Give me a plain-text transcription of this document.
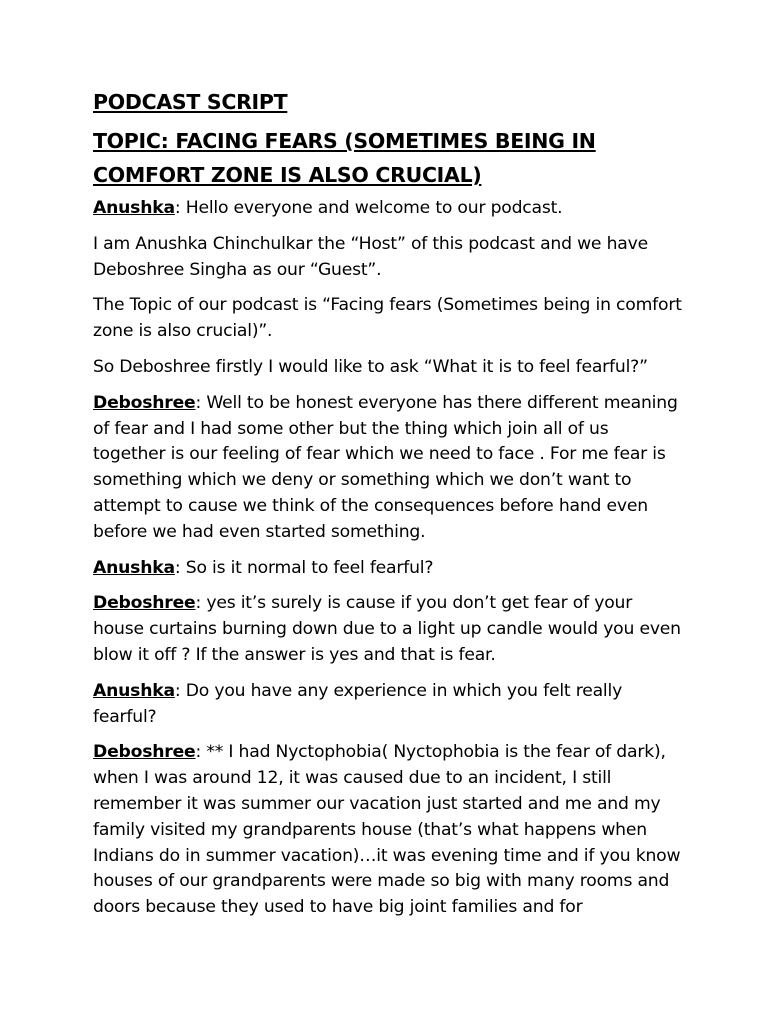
PODCAST SCRIPT
TOPIC: FACING FEARS (SOMETIMES BEING IN
COMFORT ZONE IS ALSO CRUCIAL)

Anushka: Hello everyone and welcome to our podcast.

I am Anushka Chinchulkar the “Host” of this podcast and we have Deboshree Singha as our “Guest”.

The Topic of our podcast is “Facing fears (Sometimes being in comfort zone is also crucial)”.

So Deboshree firstly I would like to ask “What it is to feel fearful?”

Deboshree: Well to be honest everyone has there different meaning of fear and I had some other but the thing which join all of us together is our feeling of fear which we need to face . For me fear is something which we deny or something which we don’t want to attempt to cause we think of the consequences before hand even before we had even started something.

Anushka: So is it normal to feel fearful?

Deboshree: yes it’s surely is cause if you don’t get fear of your house curtains burning down due to a light up candle would you even blow it off ? If the answer is yes and that is fear.

Anushka: Do you have any experience in which you felt really fearful?

Deboshree: ** I had Nyctophobia( Nyctophobia is the fear of dark), when I was around 12, it was caused due to an incident, I still remember it was summer our vacation just started and me and my family visited my grandparents house (that’s what happens when Indians do in summer vacation)…it was evening time and if you know houses of our grandparents were made so big with many rooms and doors because they used to have big joint families and for
